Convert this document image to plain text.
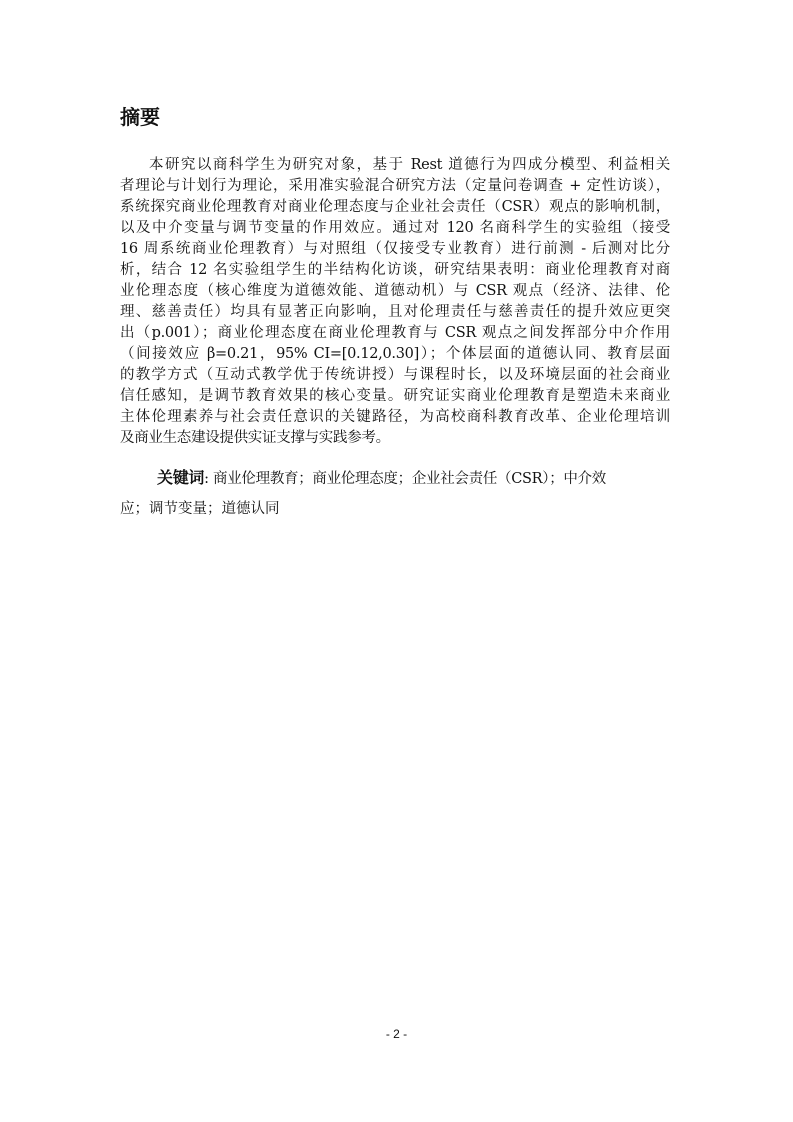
摘要
本研究以商科学生为研究对象，基于 Rest 道德行为四成分模型、利益相关
者理论与计划行为理论，采用准实验混合研究方法（定量问卷调查 + 定性访谈），
系统探究商业伦理教育对商业伦理态度与企业社会责任（CSR）观点的影响机制，
以及中介变量与调节变量的作用效应。通过对 120 名商科学生的实验组（接受
16 周系统商业伦理教育）与对照组（仅接受专业教育）进行前测 - 后测对比分
析，结合 12 名实验组学生的半结构化访谈，研究结果表明：商业伦理教育对商
业伦理态度（核心维度为道德效能、道德动机）与 CSR 观点（经济、法律、伦
理、慈善责任）均具有显著正向影响，且对伦理责任与慈善责任的提升效应更突
出（p.001）；商业伦理态度在商业伦理教育与 CSR 观点之间发挥部分中介作用
（间接效应 β=0.21，95% CI=[0.12,0.30]）；个体层面的道德认同、教育层面
的教学方式（互动式教学优于传统讲授）与课程时长，以及环境层面的社会商业
信任感知，是调节教育效果的核心变量。研究证实商业伦理教育是塑造未来商业
主体伦理素养与社会责任意识的关键路径，为高校商科教育改革、企业伦理培训
及商业生态建设提供实证支撑与实践参考。
关键词: 商业伦理教育；商业伦理态度；企业社会责任（CSR）；中介效
应；调节变量；道德认同
- 2 -
